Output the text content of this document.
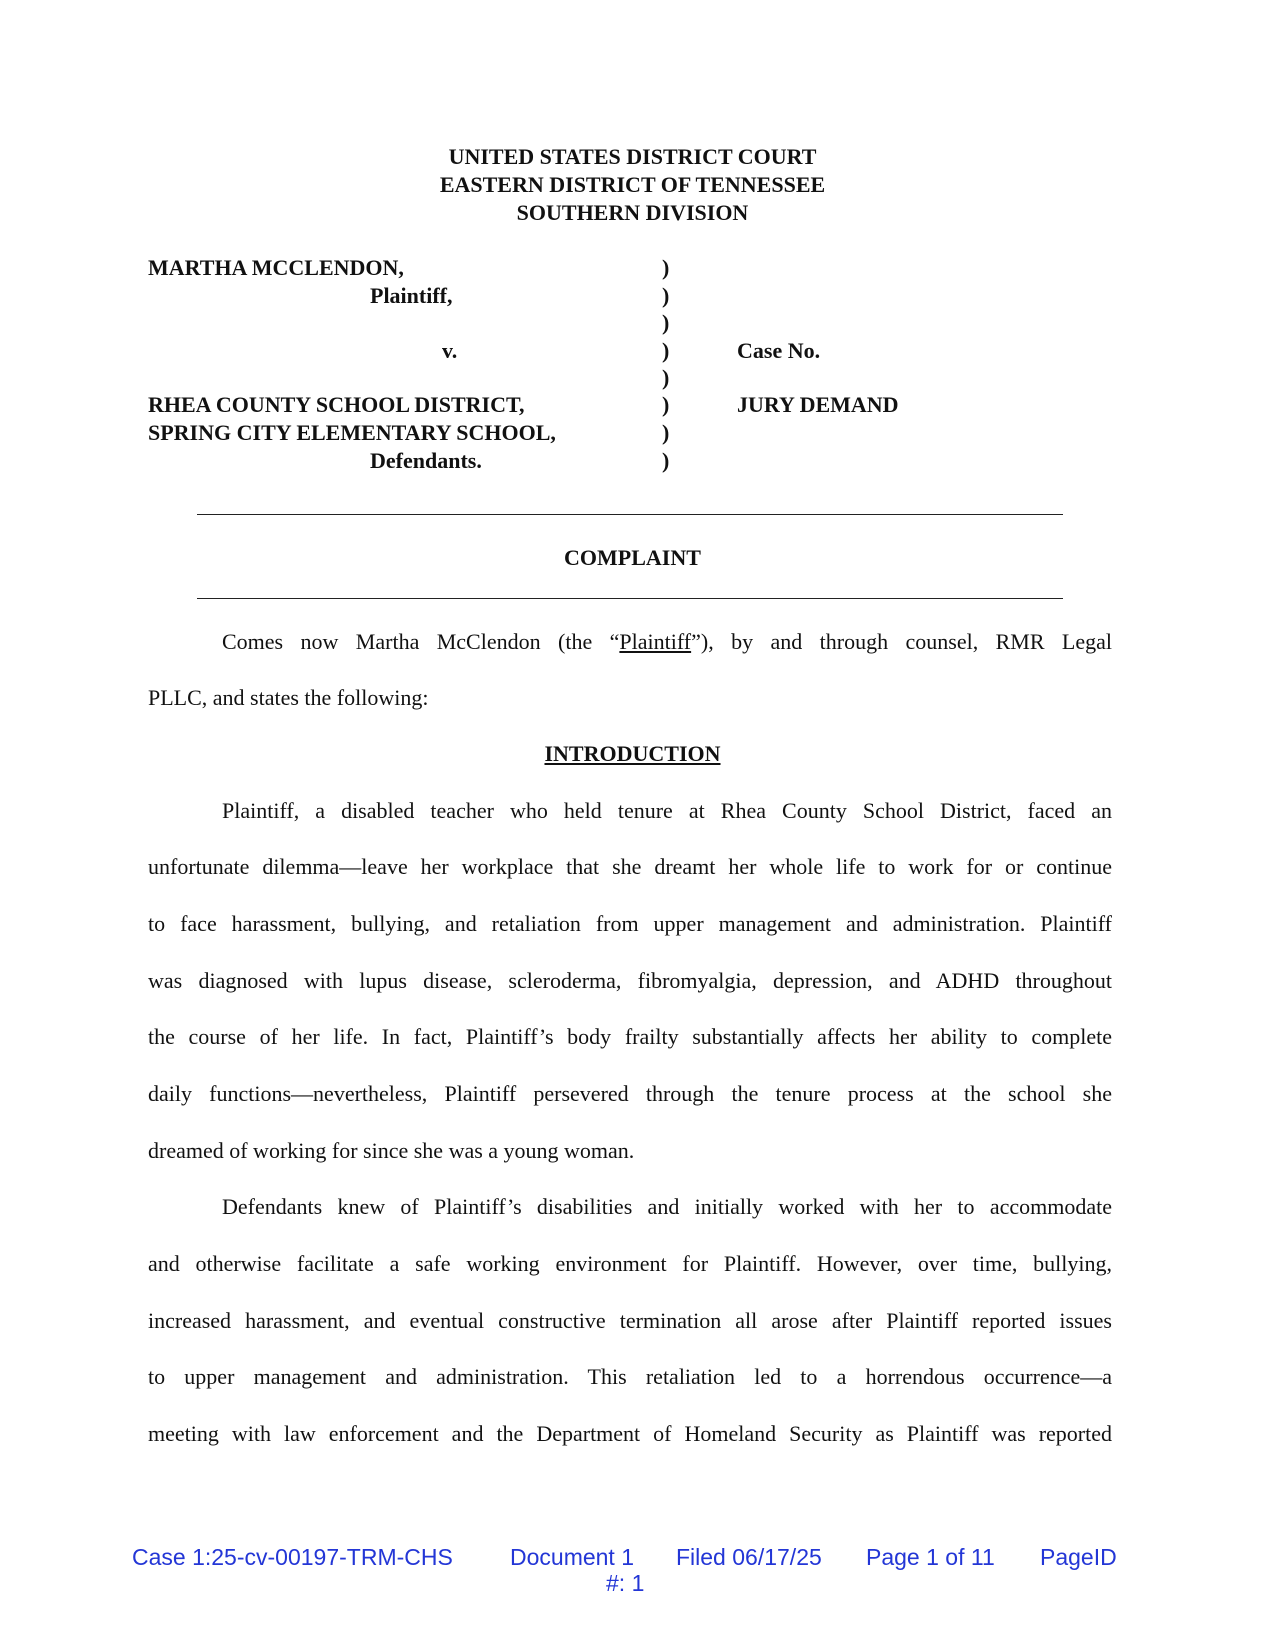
UNITED STATES DISTRICT COURT
EASTERN DISTRICT OF TENNESSEE
SOUTHERN DIVISION
MARTHA MCCLENDON,
Plaintiff,
v.
RHEA COUNTY SCHOOL DISTRICT,
SPRING CITY ELEMENTARY SCHOOL,
Defendants.
)
)
)
)
)
)
)
)
Case No.
JURY DEMAND
COMPLAINT
Comes now Martha McClendon (the “Plaintiff”), by and through counsel, RMR Legal
PLLC, and states the following:
INTRODUCTION
Plaintiff, a disabled teacher who held tenure at Rhea County School District, faced an
unfortunate dilemma—leave her workplace that she dreamt her whole life to work for or continue
to face harassment, bullying, and retaliation from upper management and administration. Plaintiff
was diagnosed with lupus disease, scleroderma, fibromyalgia, depression, and ADHD throughout
the course of her life. In fact, Plaintiff’s body frailty substantially affects her ability to complete
daily functions—nevertheless, Plaintiff persevered through the tenure process at the school she
dreamed of working for since she was a young woman.
Defendants knew of Plaintiff’s disabilities and initially worked with her to accommodate
and otherwise facilitate a safe working environment for Plaintiff. However, over time, bullying,
increased harassment, and eventual constructive termination all arose after Plaintiff reported issues
to upper management and administration. This retaliation led to a horrendous occurrence—a
meeting with law enforcement and the Department of Homeland Security as Plaintiff was reported
Case 1:25-cv-00197-TRM-CHS Document 1 Filed 06/17/25 Page 1 of 11 PageID
#: 1
